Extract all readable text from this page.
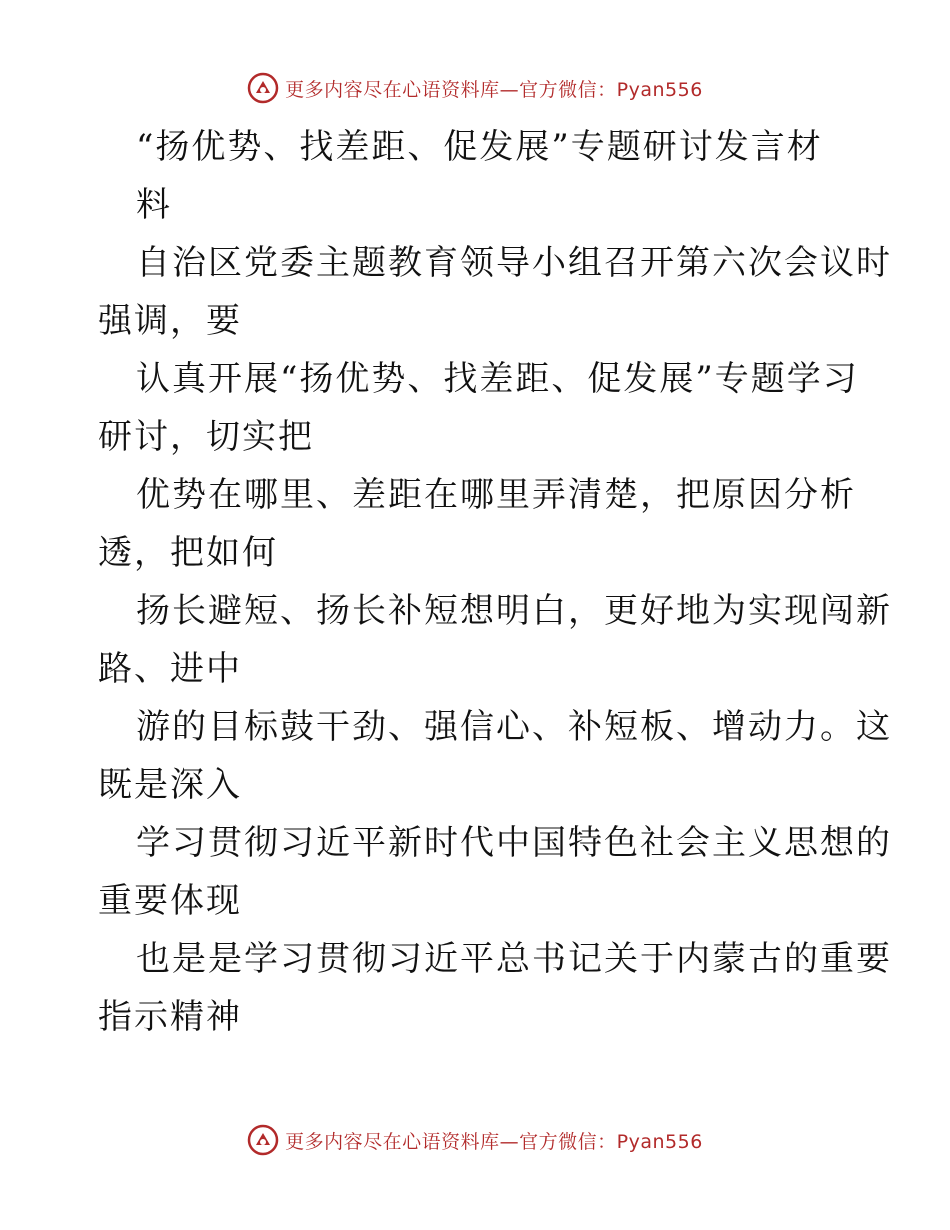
更多内容尽在心语资料库—官方微信：Pyan556
“扬优势、找差距、促发展”专题研讨发言材
料
自治区党委主题教育领导小组召开第六次会议时
强调，要
认真开展“扬优势、找差距、促发展”专题学习
研讨，切实把
优势在哪里、差距在哪里弄清楚，把原因分析
透，把如何
扬长避短、扬长补短想明白，更好地为实现闯新
路、进中
游的目标鼓干劲、强信心、补短板、增动力。这
既是深入
学习贯彻习近平新时代中国特色社会主义思想的
重要体现
也是是学习贯彻习近平总书记关于内蒙古的重要
指示精神
更多内容尽在心语资料库—官方微信：Pyan556
